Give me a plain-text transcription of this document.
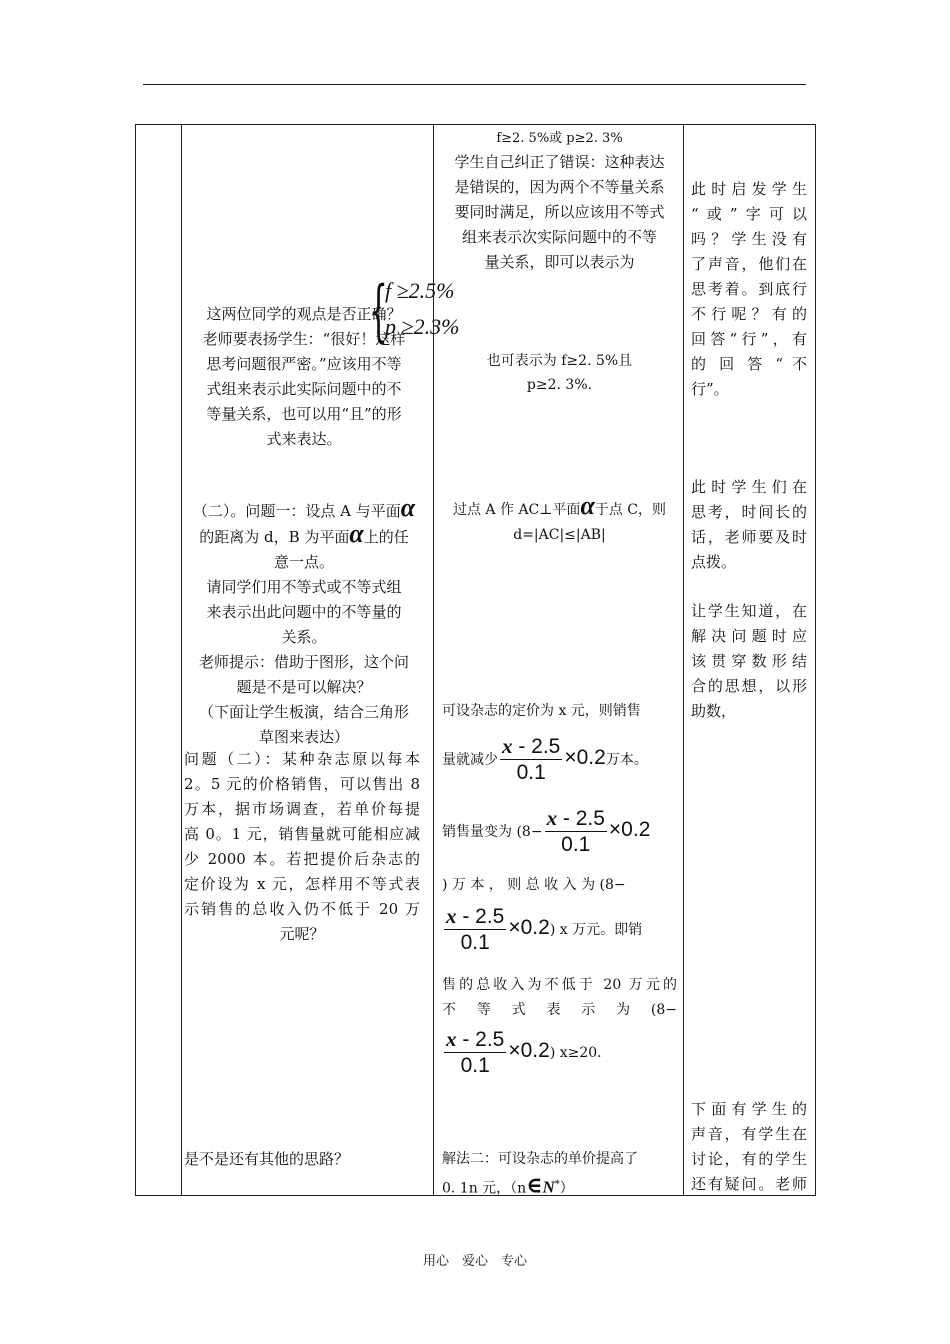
这两位同学的观点是否正确？
老师要表扬学生：“很好！这样
思考问题很严密。”应该用不等
式组来表示此实际问题中的不
等量关系，也可以用“且”的形
式来表达。
（二）。问题一：设点 A 与平面α
的距离为 d，B 为平面α上的任
意一点。
请同学们用不等式或不等式组
来表示出此问题中的不等量的
关系。
老师提示：借助于图形，这个问
题是不是可以解决？
（下面让学生板演，结合三角形
草图来表达）
问题（二）：某种杂志原以每本
2。5 元的价格销售，可以售出 8
万本，据市场调查，若单价每提
高 0。1 元，销售量就可能相应减
少 2000 本。若把提价后杂志的
定价设为 x 元，怎样用不等式表
示销售的总收入仍不低于 20 万
元呢？
是不是还有其他的思路？
f≥2. 5%或 p≥2. 3%
学生自己纠正了错误：这种表达
是错误的，因为两个不等量关系
要同时满足，所以应该用不等式
组来表示次实际问题中的不等
量关系，即可以表示为
也可表示为 f≥2. 5%且
p≥2. 3%.
过点 A 作 AC⊥平面α于点 C，则
d=|AC|≤|AB|
可设杂志的定价为 x 元，则销售
量就减少 $\frac{x - 2.5}{0.1} \times 0.2$万本。
销售量变为 ($8- \frac{x - 2.5}{0.1} \times 0.2$
) 万 本 ， 则 总 收 入 为 (8−
$\frac{x - 2.5}{0.1} \times 0.2$) x 万元。即销
售的总收入为不低于 20 万元的
不 等 式 表 示 为 (8−
$\frac{x - 2.5}{0.1} \times 0.2$) x≥20.
解法二：可设杂志的单价提高了
0. 1n 元，（n∈N*）
此时启发学生
“或”字可以
吗？学生没有
了声音，他们在
思考着。到底行
不行呢？有的
回答“行”，有
的 回 答 “ 不
行”。
此时学生们在
思考，时间长的
话，老师要及时
点拨。
让学生知道，在
解决问题时应
该贯穿数形结
合的思想，以形
助数，
下面有学生的
声音，有学生在
讨论，有的学生
还有疑问。老师
{
f ≥2.5%
p ≥2.3%
用心　爱心　专心
